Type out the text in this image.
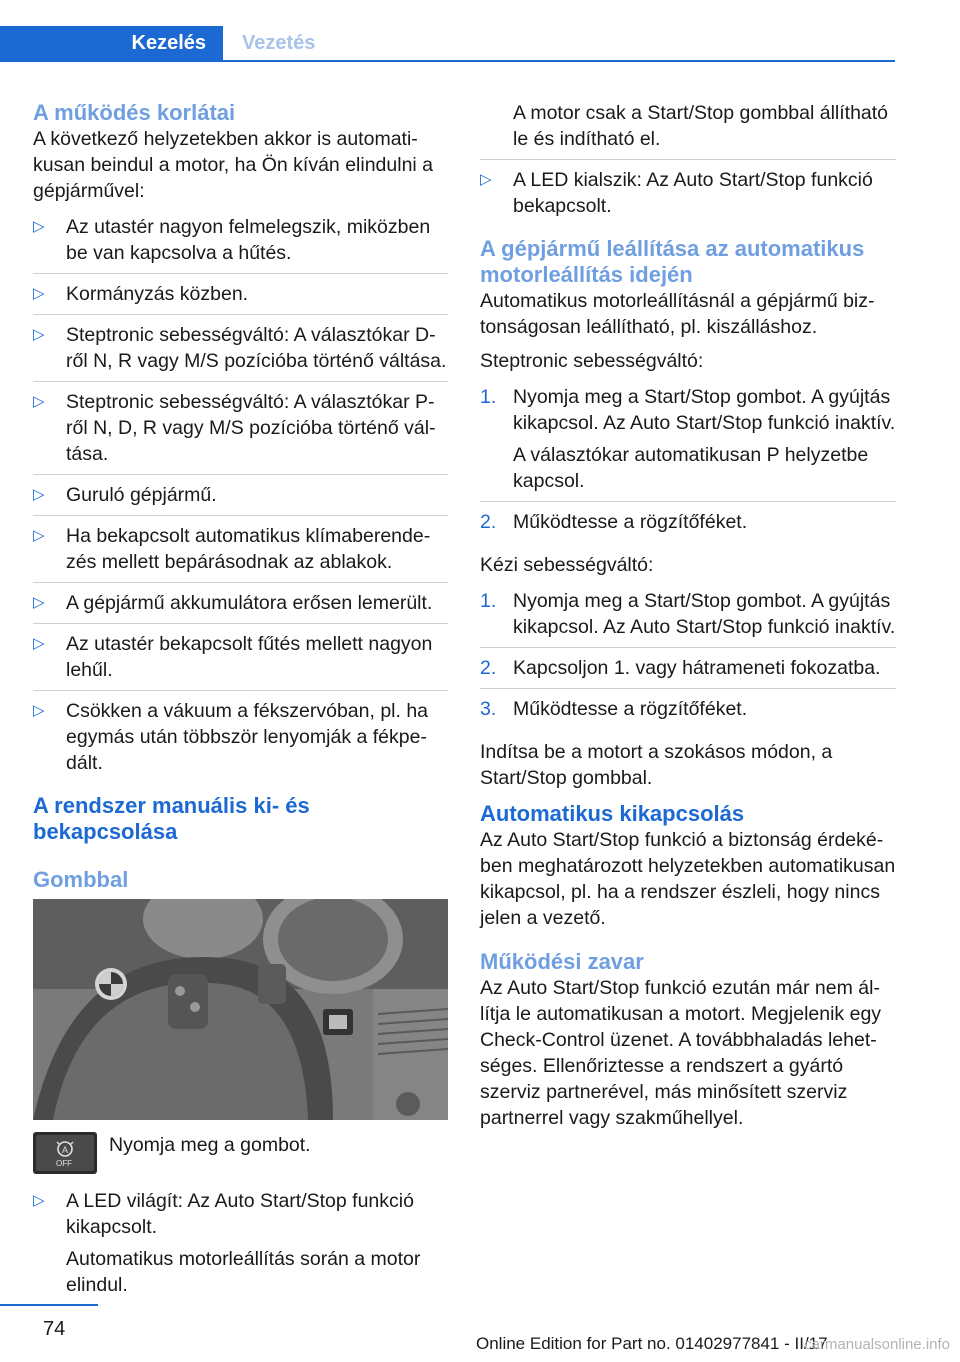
Kezelés Vezetés
A működés korlátai

A következő helyzetekben akkor is automatikusan beindul a motor, ha Ön kíván elindulni a gépjárművel:

▷ Az utastér nagyon felmelegszik, miközben be van kapcsolva a hűtés.
▷ Kormányzás közben.
▷ Steptronic sebességváltó: A választókar D-ről N, R vagy M/S pozícióba történő váltása.
▷ Steptronic sebességváltó: A választókar P-ről N, D, R vagy M/S pozícióba történő váltása.
▷ Guruló gépjármű.
▷ Ha bekapcsolt automatikus klímaberendezés mellett bepárásodnak az ablakok.
▷ A gépjármű akkumulátora erősen lemerült.
▷ Az utastér bekapcsolt fűtés mellett nagyon lehűl.
▷ Csökken a vákuum a fékszervóban, pl. ha egymás után többször lenyomják a fékpedált.
A rendszer manuális ki- és bekapcsolása
Gombbal
A
OFF
Nyomja meg a gombot.
▷ A LED világít: Az Auto Start/Stop funkció kikapcsolt.

Automatikus motorleállítás során a motor elindul.

A motor csak a Start/Stop gombbal állítható le és indítható el.

▷ A LED kialszik: Az Auto Start/Stop funkció bekapcsolt.
A gépjármű leállítása az automatikus motorleállítás idején

Automatikus motorleállításnál a gépjármű biztonságosan leállítható, pl. kiszálláshoz.

Steptronic sebességváltó:

1. Nyomja meg a Start/Stop gombot. A gyújtás kikapcsol. Az Auto Start/Stop funkció inaktív.

A választókar automatikusan P helyzetbe kapcsol.

2. Működtesse a rögzítőféket.

Kézi sebességváltó:

1. Nyomja meg a Start/Stop gombot. A gyújtás kikapcsol. Az Auto Start/Stop funkció inaktív.
2. Kapcsoljon 1. vagy hátrameneti fokozatba.
3. Működtesse a rögzítőféket.

Indítsa be a motort a szokásos módon, a Start/Stop gombbal.

Automatikus kikapcsolás

Az Auto Start/Stop funkció a biztonság érdekében meghatározott helyzetekben automatikusan kikapcsol, pl. ha a rendszer észleli, hogy nincs jelen a vezető.

Működési zavar

Az Auto Start/Stop funkció ezután már nem állítja le automatikusan a motort. Megjelenik egy Check-Control üzenet. A továbbhaladás lehetséges. Ellenőriztesse a rendszert a gyártó szerviz partnerével, más minősített szerviz partnerrel vagy szakműhellyel.

74
Online Edition for Part no. 01402977841 - II/17
carmanualsonline.info
